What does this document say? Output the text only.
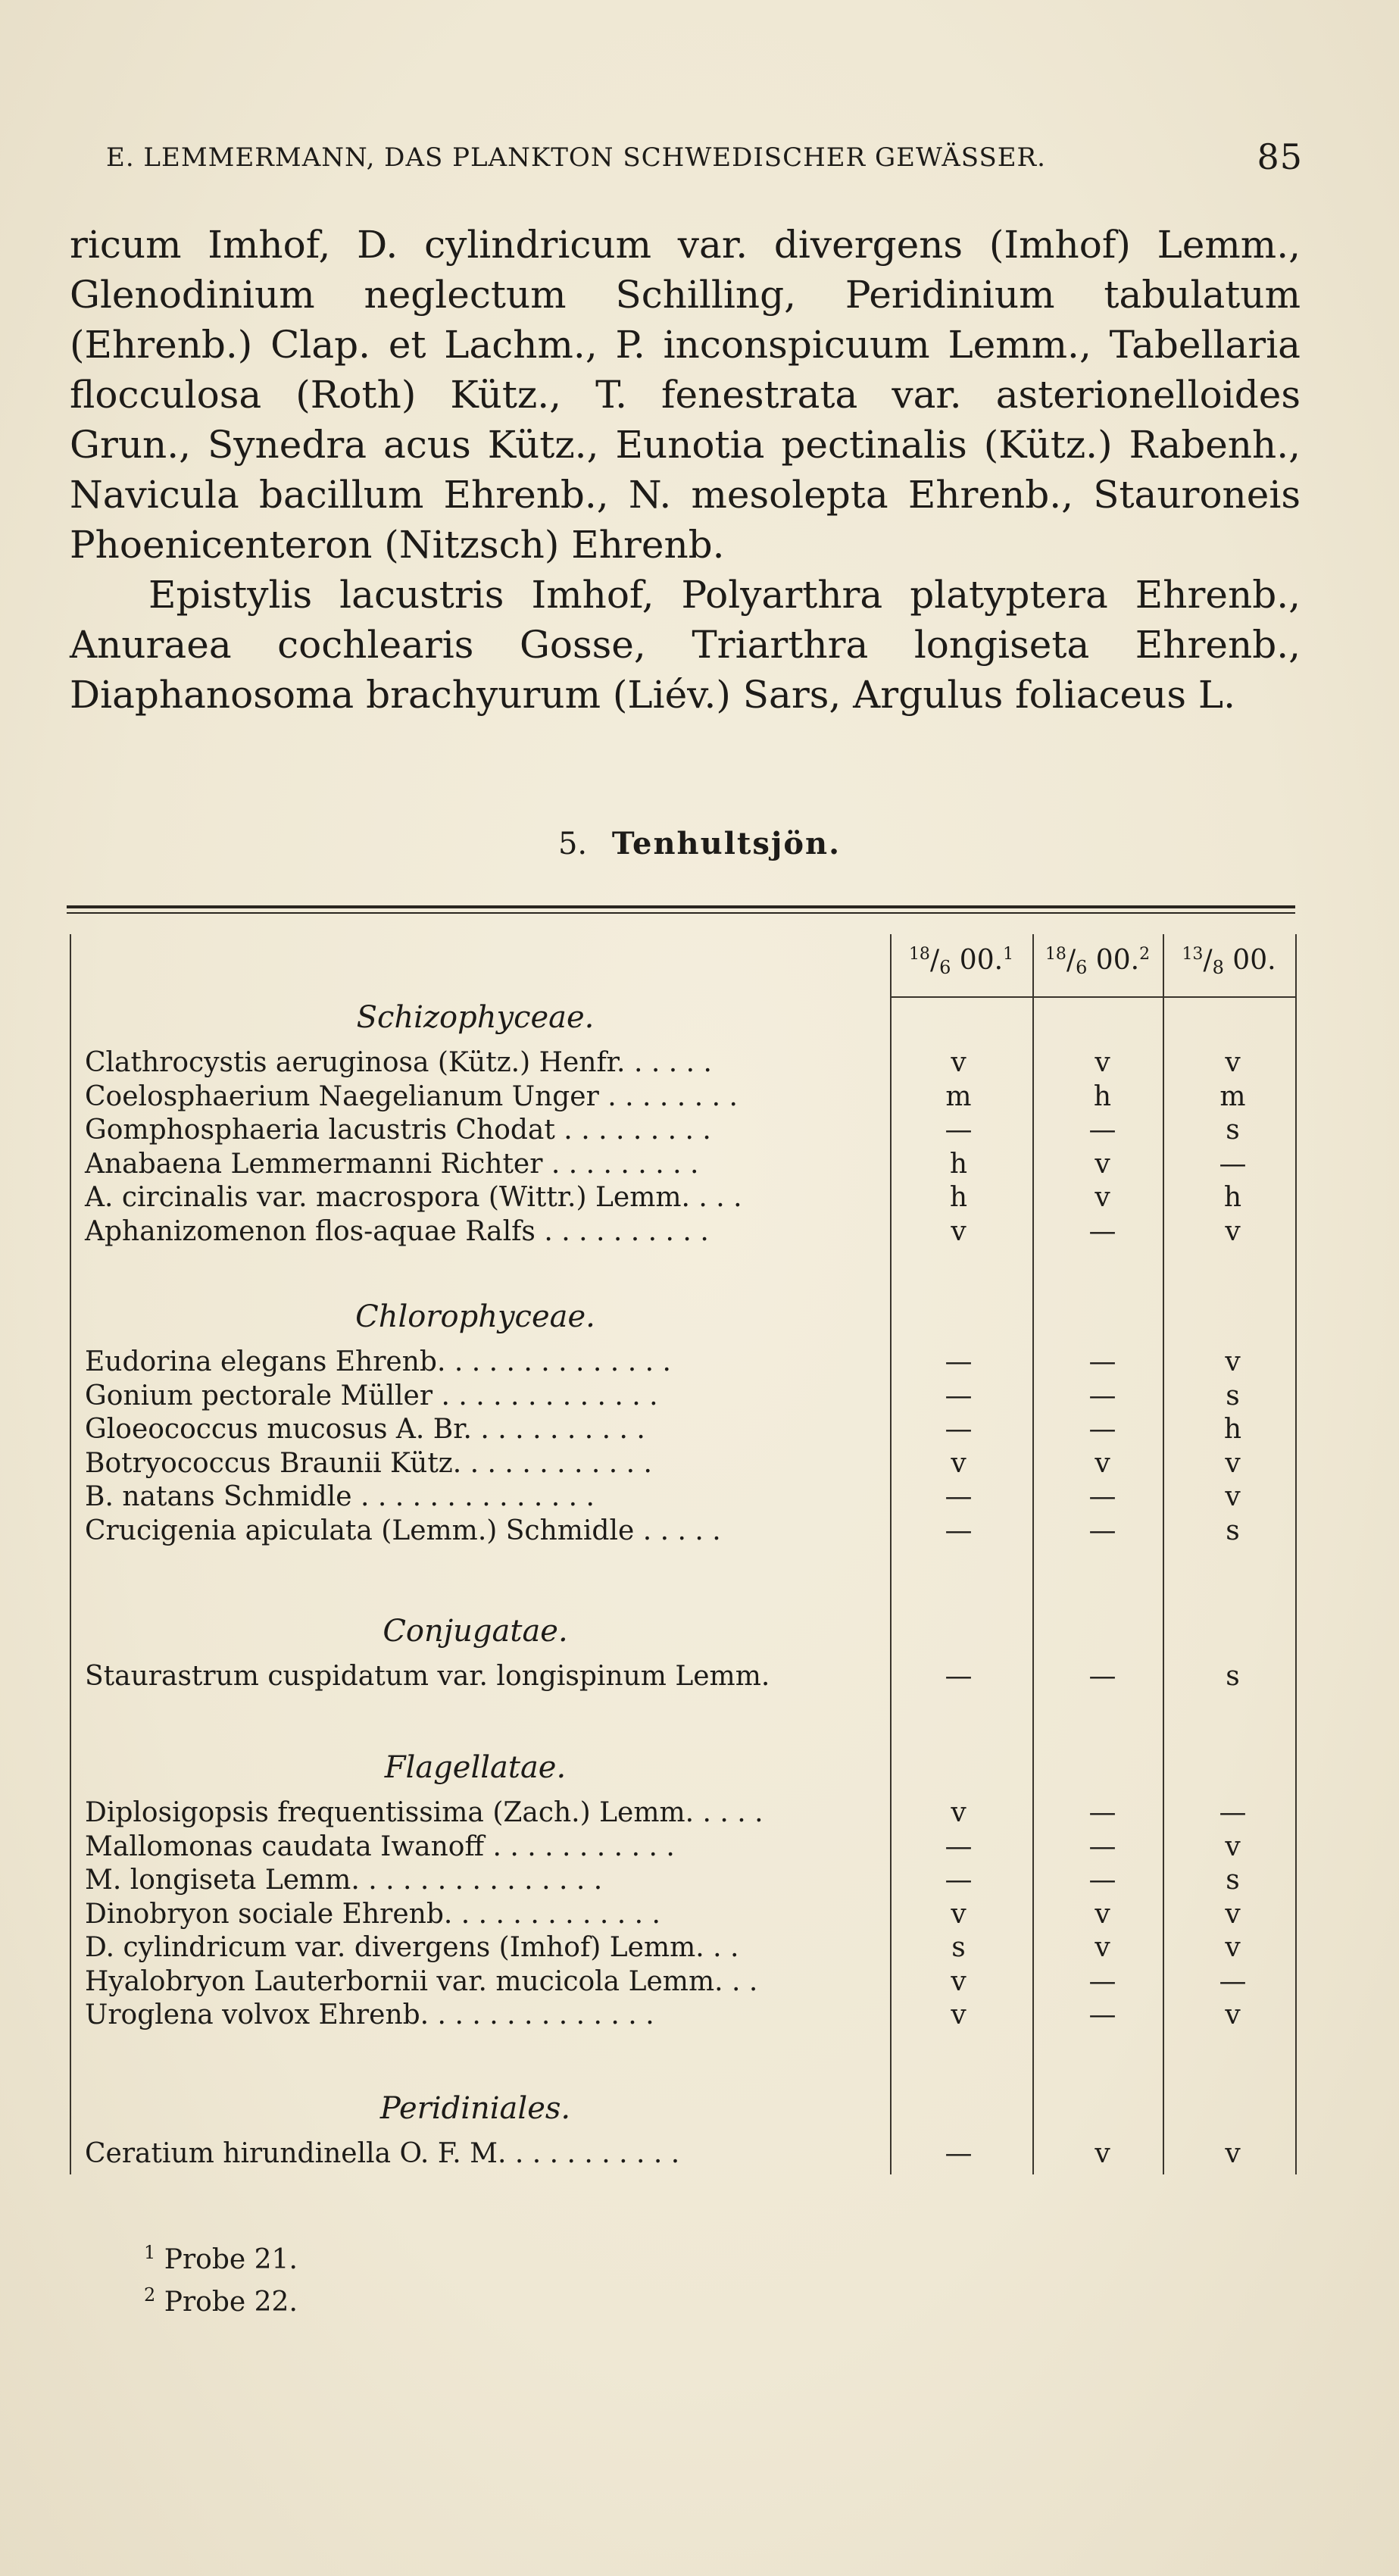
E. LEMMERMANN, DAS PLANKTON SCHWEDISCHER GEWÄSSER.	85

ricum Imhof, D. cylindricum var. divergens (Imhof) Lemm., Glenodinium neglectum Schilling, Peridinium tabulatum (Ehrenb.) Clap. et Lachm., P. inconspicuum Lemm., Tabellaria flocculosa (Roth) Kütz., T. fenestrata var. asterionelloides Grun., Synedra acus Kütz., Eunotia pectinalis (Kütz.) Rabenh., Navicula bacillum Ehrenb., N. mesolepta Ehrenb., Stauroneis Phoenicenteron (Nitzsch) Ehrenb.

Epistylis lacustris Imhof, Polyarthra platyptera Ehrenb., Anuraea cochlearis Gosse, Triarthra longiseta Ehrenb., Diaphanosoma brachyurum (Liév.) Sars, Argulus foliaceus L.

5. Tenhultsjön.
$^{18}$/6 00.$^1$	$^{18}$/6 00.$^2$	$^{13}$/8 00.
Schizophyceae.
Clathrocystis aeruginosa (Kütz.) Henfr. . . . . .	v	v	v
Coelosphaerium Naegelianum Unger . . . . . . . .	m	h	m
Gomphosphaeria lacustris Chodat . . . . . . . . .	—	—	s
Anabaena Lemmermanni Richter . . . . . . . . .	h	v	—
A. circinalis var. macrospora (Wittr.) Lemm. . . .	h	v	h
Aphanizomenon flos-aquae Ralfs . . . . . . . . . .	v	—	v
Chlorophyceae.
Eudorina elegans Ehrenb. . . . . . . . . . . . . .	—	—	v
Gonium pectorale Müller . . . . . . . . . . . . .	—	—	s
Gloeococcus mucosus A. Br. . . . . . . . . . .	—	—	h
Botryococcus Braunii Kütz. . . . . . . . . . . .	v	v	v
B. natans Schmidle . . . . . . . . . . . . . .	—	—	v
Crucigenia apiculata (Lemm.) Schmidle . . . . .	—	—	s
Conjugatae.
Staurastrum cuspidatum var. longispinum Lemm.	—	—	s
Flagellatae.
Diplosigopsis frequentissima (Zach.) Lemm. . . . .	v	—	—
Mallomonas caudata Iwanoff . . . . . . . . . . .	—	—	v
M. longiseta Lemm. . . . . . . . . . . . . . .	—	—	s
Dinobryon sociale Ehrenb. . . . . . . . . . . . .	v	v	v
D. cylindricum var. divergens (Imhof) Lemm. . .	s	v	v
Hyalobryon Lauterbornii var. mucicola Lemm. . .	v	—	—
Uroglena volvox Ehrenb. . . . . . . . . . . . . .	v	—	v
Peridiniales.
Ceratium hirundinella O. F. M. . . . . . . . . . .	—	v	v
$^1$ Probe 21.
$^2$ Probe 22.
